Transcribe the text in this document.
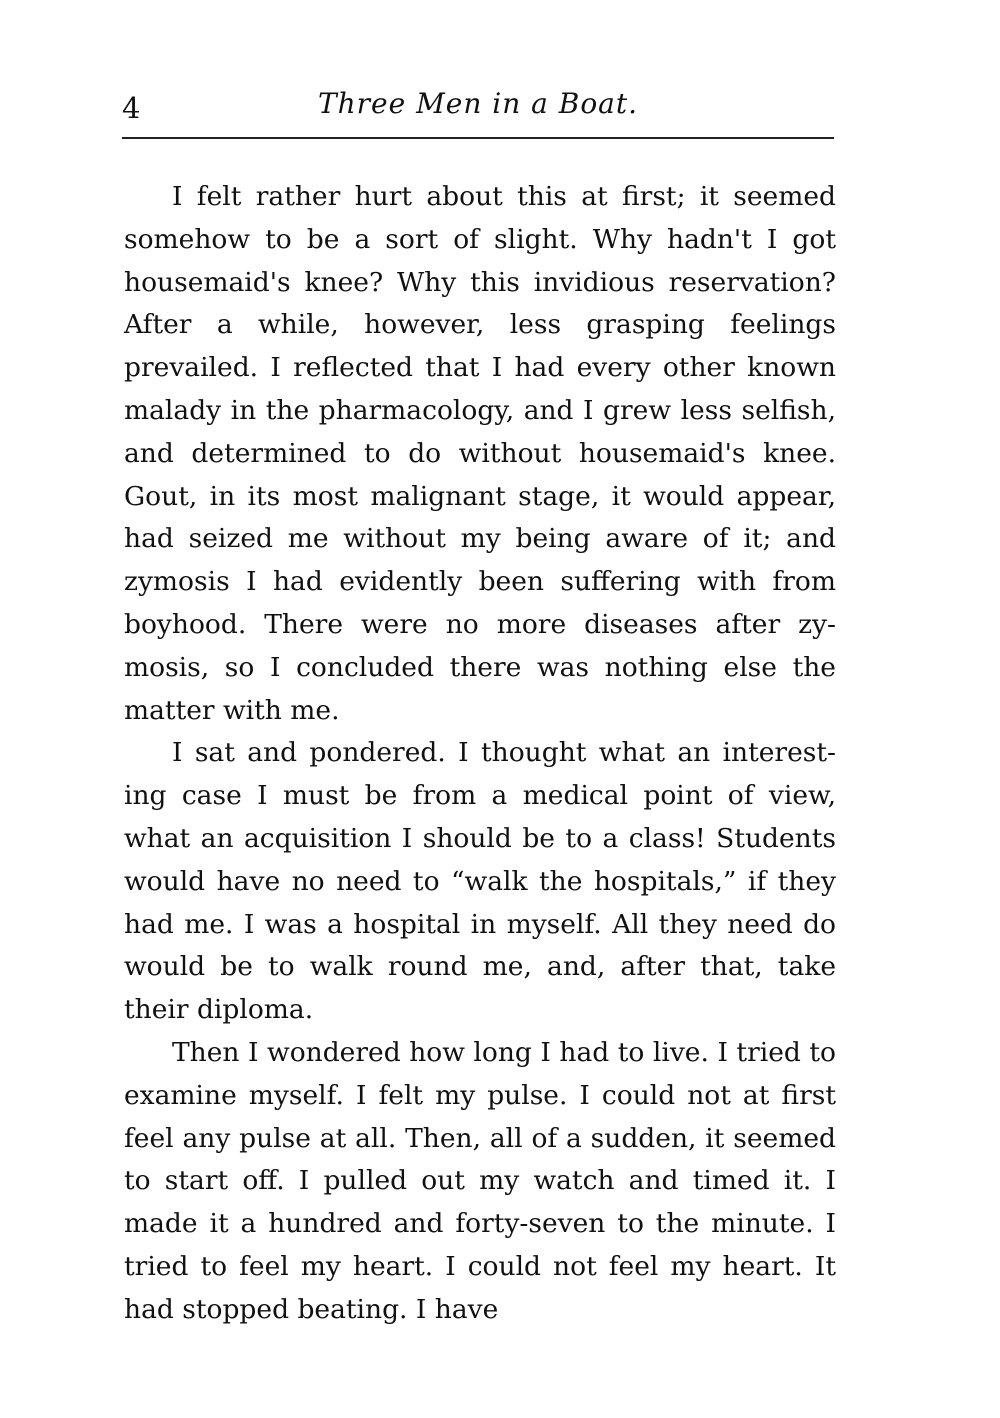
4	Three Men in a Boat.

I felt rather hurt about this at first; it seemed somehow to be a sort of slight. Why hadn't I got housemaid's knee? Why this invidious reservation? After a while, however, less grasping feelings prevailed. I reflected that I had every other known malady in the pharmacology, and I grew less selfish, and determined to do without housemaid's knee. Gout, in its most malignant stage, it would appear, had seized me without my being aware of it; and zymosis I had evidently been suffering with from boyhood. There were no more diseases after zymosis, so I concluded there was nothing else the matter with me.

I sat and pondered. I thought what an interesting case I must be from a medical point of view, what an acquisition I should be to a class! Students would have no need to “walk the hospitals,” if they had me. I was a hospital in myself. All they need do would be to walk round me, and, after that, take their diploma.

Then I wondered how long I had to live. I tried to examine myself. I felt my pulse. I could not at first feel any pulse at all. Then, all of a sudden, it seemed to start off. I pulled out my watch and timed it. I made it a hundred and forty-seven to the minute. I tried to feel my heart. I could not feel my heart. It had stopped beating. I have
